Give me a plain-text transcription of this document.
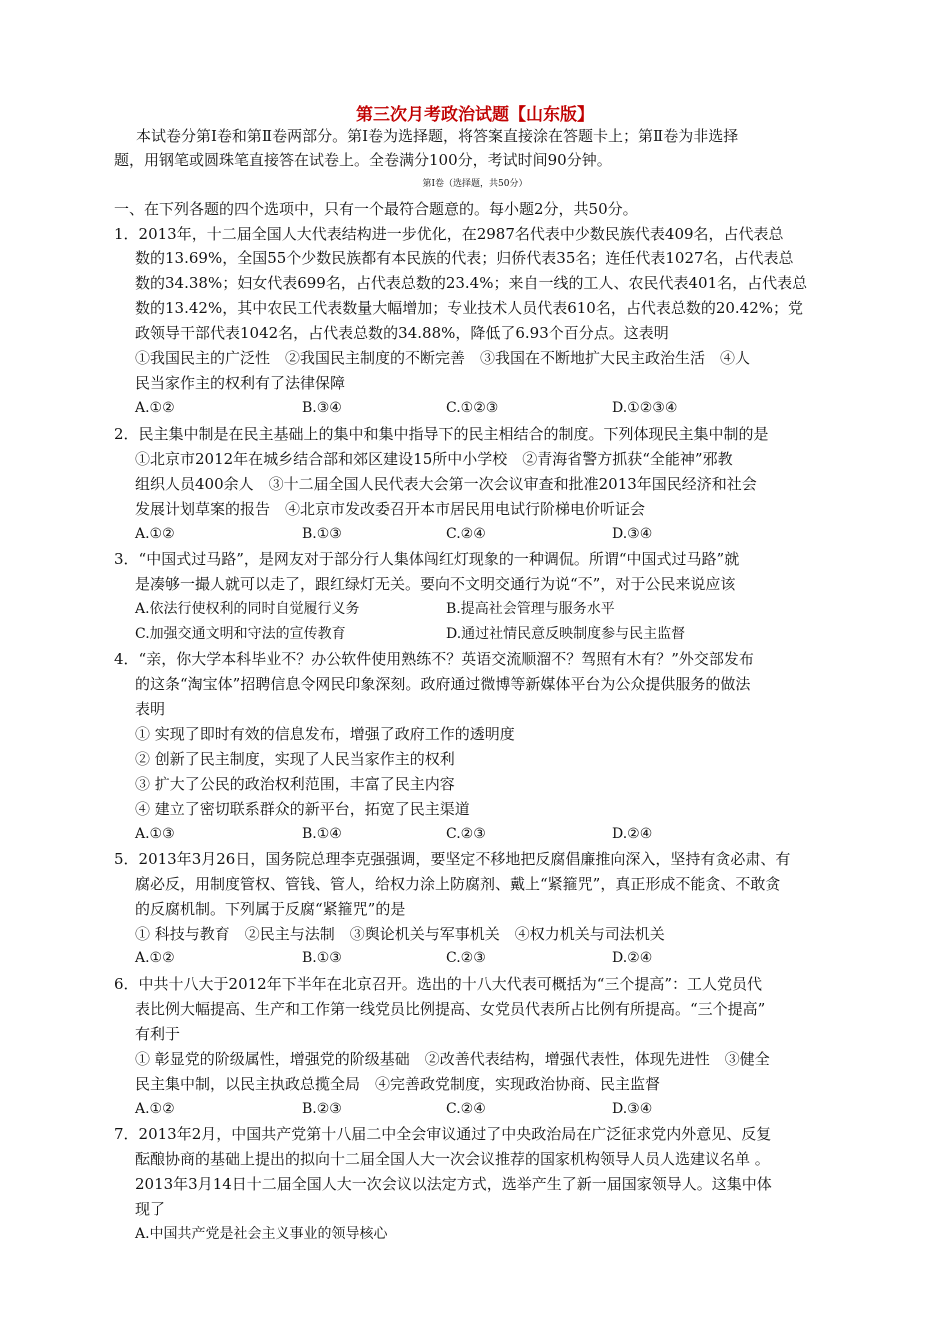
第三次月考政治试题【山东版】
本试卷分第Ⅰ卷和第Ⅱ卷两部分。第Ⅰ卷为选择题，将答案直接涂在答题卡上；第Ⅱ卷为非选择
题，用钢笔或圆珠笔直接答在试卷上。全卷满分100分，考试时间90分钟。
第Ⅰ卷（选择题，共50分）
一、在下列各题的四个选项中，只有一个最符合题意的。每小题2分，共50分。
1．2013年，十二届全国人大代表结构进一步优化，在2987名代表中少数民族代表409名，占代表总
数的13.69%，全国55个少数民族都有本民族的代表；归侨代表35名；连任代表1027名，占代表总
数的34.38%；妇女代表699名，占代表总数的23.4%；来自一线的工人、农民代表401名，占代表总
数的13.42%，其中农民工代表数量大幅增加；专业技术人员代表610名，占代表总数的20.42%；党
政领导干部代表1042名，占代表总数的34.88%，降低了6.93个百分点。这表明
①我国民主的广泛性　②我国民主制度的不断完善　③我国在不断地扩大民主政治生活　④人
民当家作主的权利有了法律保障
A.①②	B.③④	C.①②③	D.①②③④
2．民主集中制是在民主基础上的集中和集中指导下的民主相结合的制度。下列体现民主集中制的是
①北京市2012年在城乡结合部和郊区建设15所中小学校　②青海省警方抓获“全能神”邪教
组织人员400余人　③十二届全国人民代表大会第一次会议审查和批准2013年国民经济和社会
发展计划草案的报告　④北京市发改委召开本市居民用电试行阶梯电价听证会
A.①②	B.①③	C.②④	D.③④
3．“中国式过马路”，是网友对于部分行人集体闯红灯现象的一种调侃。所谓“中国式过马路”就
是凑够一撮人就可以走了，跟红绿灯无关。要向不文明交通行为说“不”，对于公民来说应该
A.依法行使权利的同时自觉履行义务	B.提高社会管理与服务水平
C.加强交通文明和守法的宣传教育	D.通过社情民意反映制度参与民主监督
4．“亲，你大学本科毕业不？办公软件使用熟练不？英语交流顺溜不？驾照有木有？”外交部发布
的这条“淘宝体”招聘信息令网民印象深刻。政府通过微博等新媒体平台为公众提供服务的做法
表明
① 实现了即时有效的信息发布，增强了政府工作的透明度
② 创新了民主制度，实现了人民当家作主的权利
③ 扩大了公民的政治权利范围，丰富了民主内容
④ 建立了密切联系群众的新平台，拓宽了民主渠道
A.①③	B.①④	C.②③	D.②④
5．2013年3月26日，国务院总理李克强强调，要坚定不移地把反腐倡廉推向深入，坚持有贪必肃、有
腐必反，用制度管权、管钱、管人，给权力涂上防腐剂、戴上“紧箍咒”，真正形成不能贪、不敢贪
的反腐机制。下列属于反腐“紧箍咒”的是
① 科技与教育　②民主与法制　③舆论机关与军事机关　④权力机关与司法机关
A.①②	B.①③	C.②③	D.②④
6．中共十八大于2012年下半年在北京召开。选出的十八大代表可概括为“三个提高”：工人党员代
表比例大幅提高、生产和工作第一线党员比例提高、女党员代表所占比例有所提高。“三个提高”
有利于
① 彰显党的阶级属性，增强党的阶级基础　②改善代表结构，增强代表性，体现先进性　③健全
民主集中制，以民主执政总揽全局　④完善政党制度，实现政治协商、民主监督
A.①②	B.②③	C.②④	D.③④
7．2013年2月，中国共产党第十八届二中全会审议通过了中央政治局在广泛征求党内外意见、反复
酝酿协商的基础上提出的拟向十二届全国人大一次会议推荐的国家机构领导人员人选建议名单 。
2013年3月14日十二届全国人大一次会议以法定方式，选举产生了新一届国家领导人。这集中体
现了
A.中国共产党是社会主义事业的领导核心
